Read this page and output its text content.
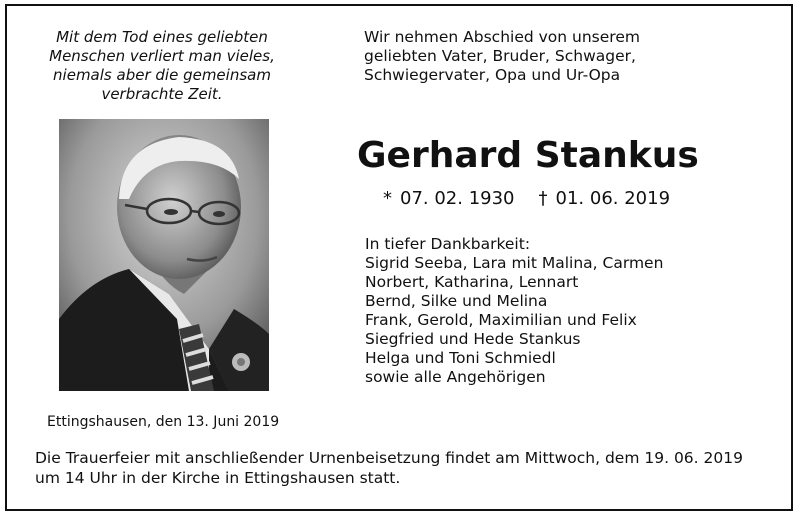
Mit dem Tod eines geliebten
Menschen verliert man vieles,
niemals aber die gemeinsam
verbrachte Zeit.
Wir nehmen Abschied von unserem
geliebten Vater, Bruder, Schwager,
Schwiegervater, Opa und Ur-Opa
Gerhard Stankus
* 07. 02. 1930 † 01. 06. 2019
In tiefer Dankbarkeit:
Sigrid Seeba, Lara mit Malina, Carmen
Norbert, Katharina, Lennart
Bernd, Silke und Melina
Frank, Gerold, Maximilian und Felix
Siegfried und Hede Stankus
Helga und Toni Schmiedl
sowie alle Angehörigen
Ettingshausen, den 13. Juni 2019
Die Trauerfeier mit anschließender Urnenbeisetzung findet am Mittwoch, dem 19. 06. 2019
um 14 Uhr in der Kirche in Ettingshausen statt.
